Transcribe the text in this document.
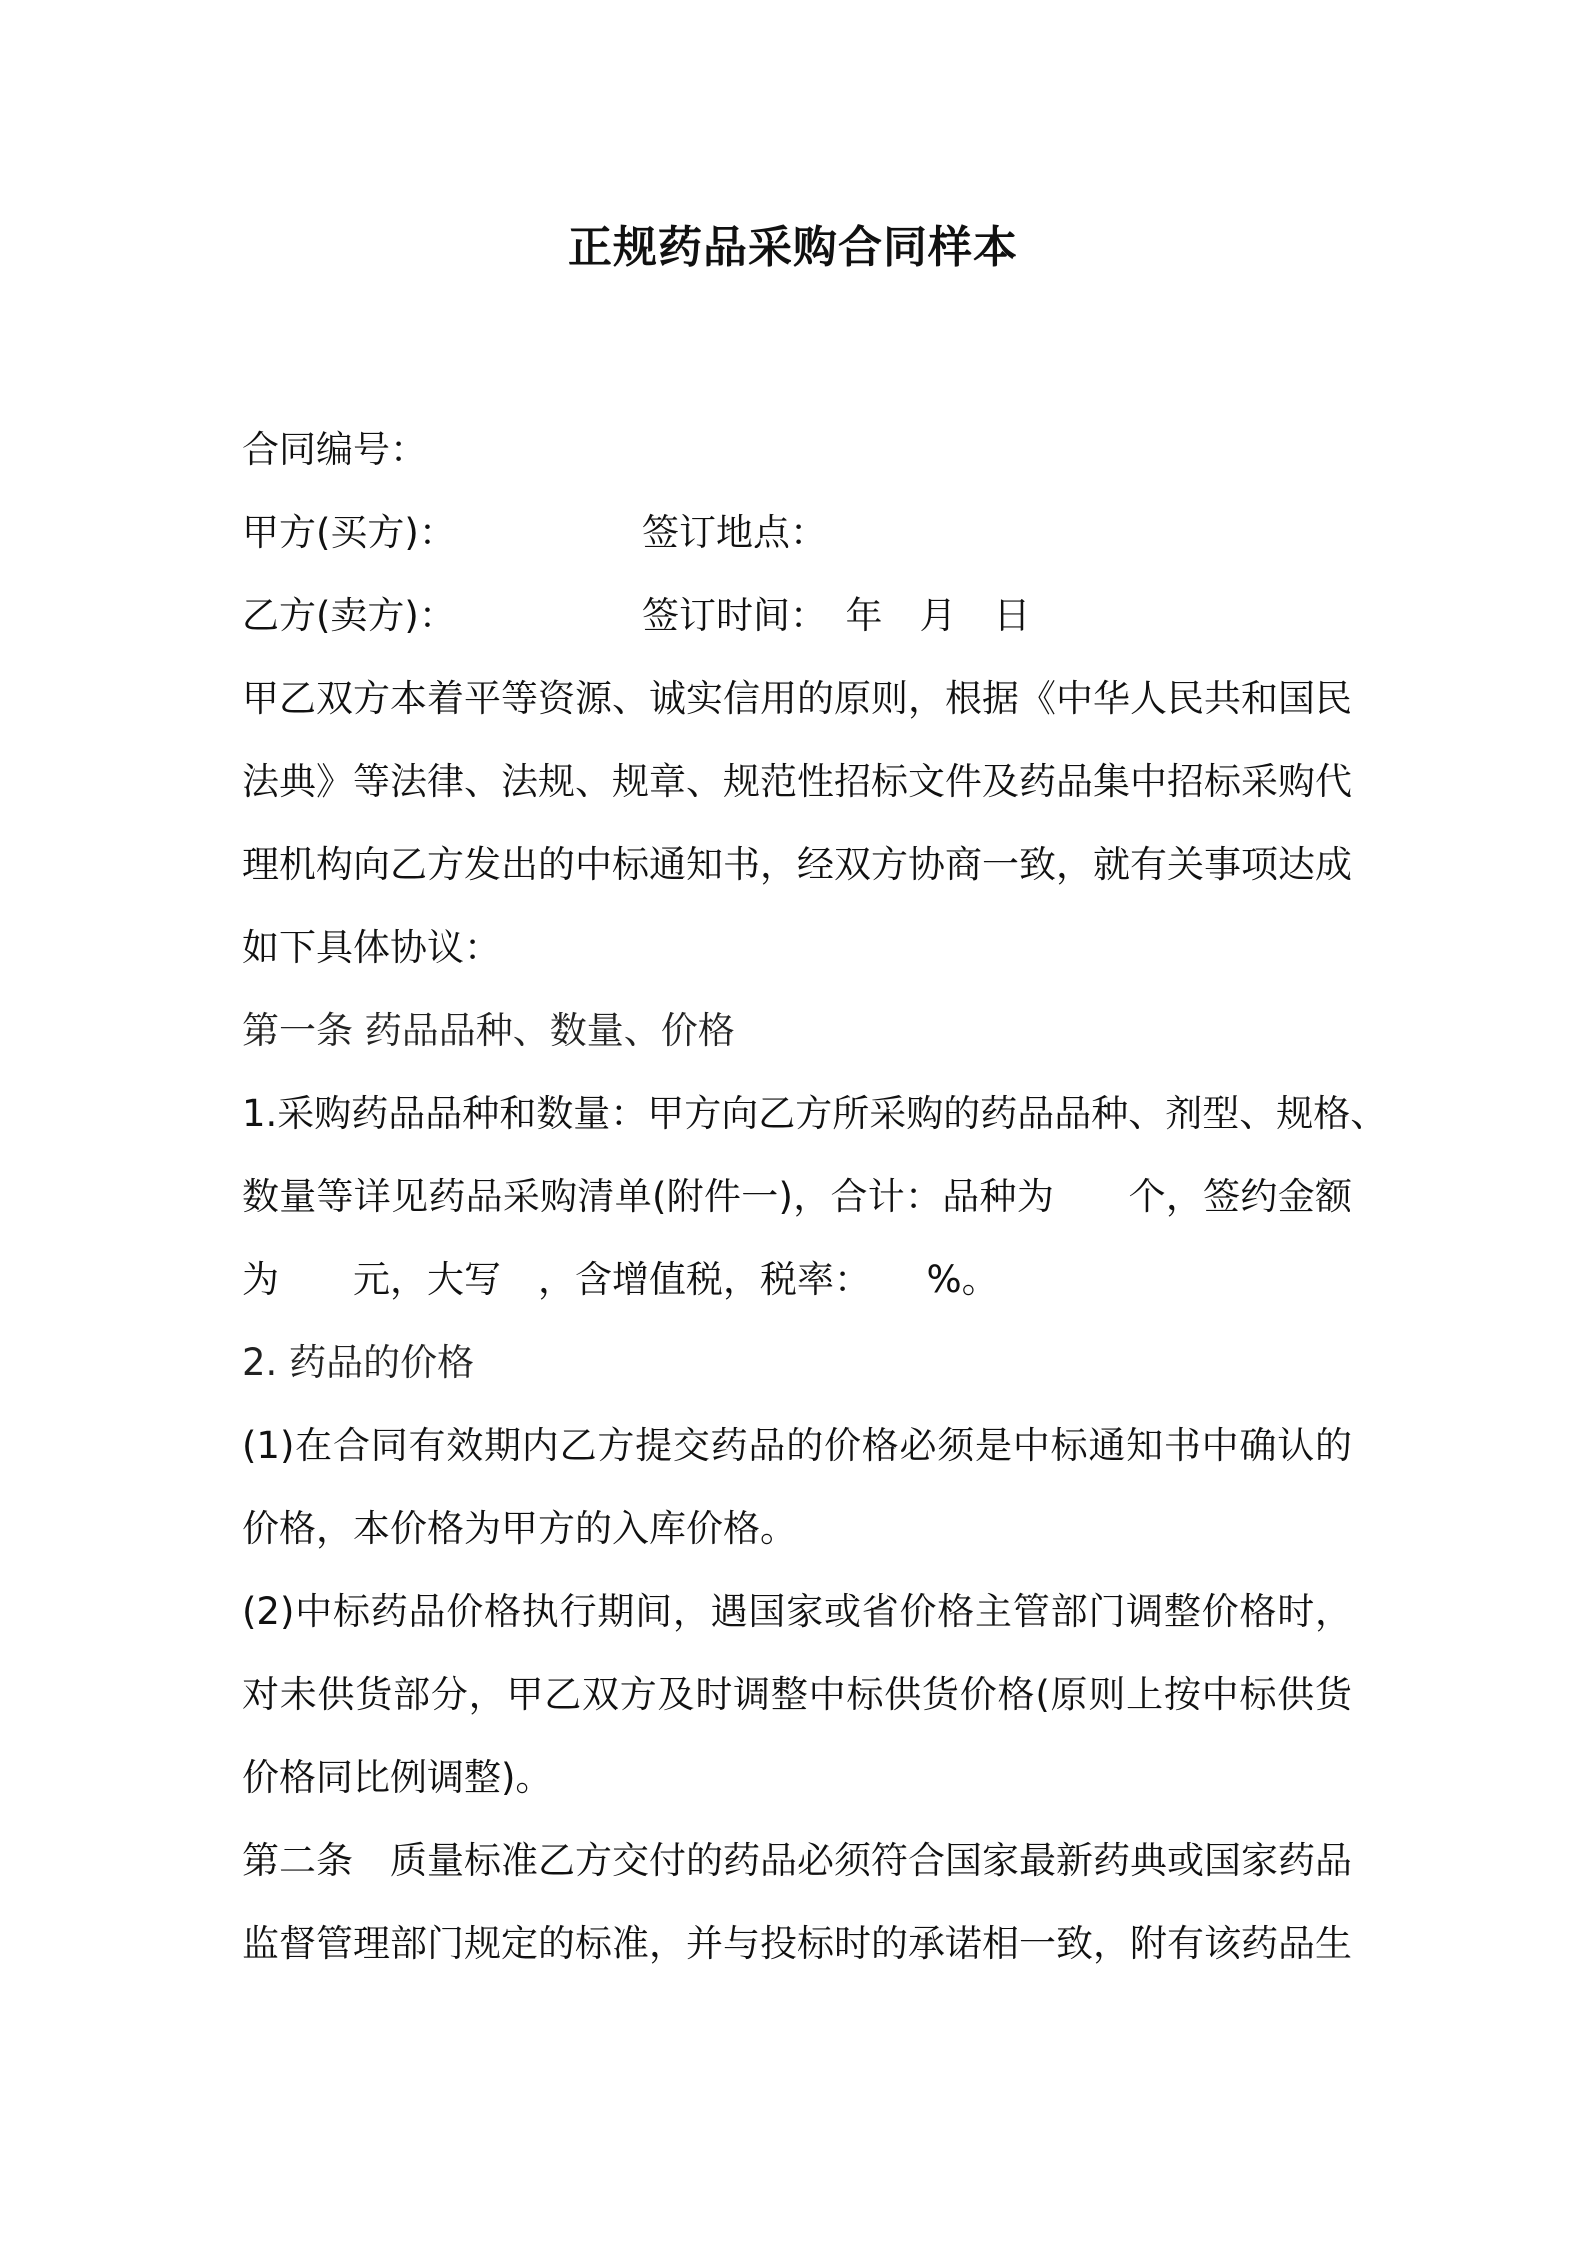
正规药品采购合同样本
合同编号：
甲方(买方)：	签订地点：
乙方(卖方)：	签订时间：　年　月　日
甲乙双方本着平等资源、诚实信用的原则，根据《中华人民共和国民
法典》等法律、法规、规章、规范性招标文件及药品集中招标采购代
理机构向乙方发出的中标通知书，经双方协商一致，就有关事项达成
如下具体协议：
第一条 药品品种、数量、价格
1.采购药品品种和数量：甲方向乙方所采购的药品品种、剂型、规格、
数量等详见药品采购清单(附件一)，合计：品种为　　个，签约金额
为　　元，大写　，含增值税，税率：　　%。
2. 药品的价格
(1)在合同有效期内乙方提交药品的价格必须是中标通知书中确认的
价格，本价格为甲方的入库价格。
(2)中标药品价格执行期间，遇国家或省价格主管部门调整价格时，
对未供货部分，甲乙双方及时调整中标供货价格(原则上按中标供货
价格同比例调整)。
第二条　质量标准乙方交付的药品必须符合国家最新药典或国家药品
监督管理部门规定的标准，并与投标时的承诺相一致，附有该药品生
